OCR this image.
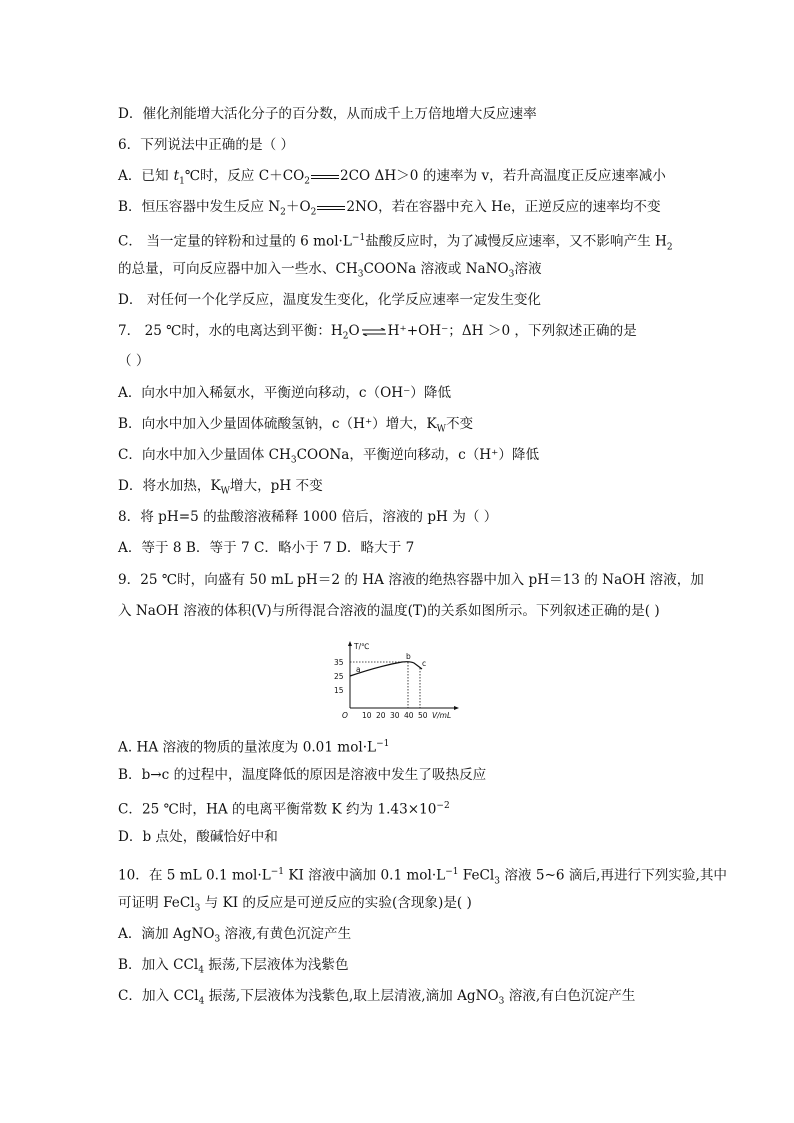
D．催化剂能增大活化分子的百分数，从而成千上万倍地增大反应速率
6．下列说法中正确的是（ ）
A．已知 $t_1℃$时，反应 $C+CO_2$ 2CO ΔH＞0 的速率为 v，若升高温度正反应速率减小
B．恒压容器中发生反应 $N_2+O_2$ 2NO，若在容器中充入 He，正逆反应的速率均不变
C． 当一定量的锌粉和过量的 6 $mol\cdot L^{-1}$盐酸反应时，为了减慢反应速率，又不影响产生 $H_2$
的总量，可向反应器中加入一些水、$CH_3COONa$ 溶液或 NaNO$_3$溶液
D． 对任何一个化学反应，温度发生变化，化学反应速率一定发生变化
7． 25 ℃时，水的电离达到平衡：$H_2O\rightleftharpoons H^++OH^-$；ΔH ＞0 ，下列叙述正确的是
（ ）
A．向水中加入稀氨水，平衡逆向移动，c（OH⁻）降低
B．向水中加入少量固体硫酸氢钠，c（H⁺）增大，$K_W$不变
C．向水中加入少量固体 $CH_3COONa$，平衡逆向移动，c（H⁺）降低
D．将水加热，$K_W$增大，pH 不变
8．将 pH=5 的盐酸溶液稀释 1000 倍后，溶液的 pH 为（ ）
A．等于 8 B．等于 7 C．略小于 7 D．略大于 7
9．25 ℃时，向盛有 50 mL pH＝2 的 HA 溶液的绝热容器中加入 pH＝13 的 NaOH 溶液，加
入 NaOH 溶液的体积(V)与所得混合溶液的温度(T)的关系如图所示。下列叙述正确的是( )
T/℃
O
35
25
15
10 20 30 40 50 V/mL
a
b
c
A. HA 溶液的物质的量浓度为 0.01 $mol\cdot L^{-1}$
B．b→c 的过程中，温度降低的原因是溶液中发生了吸热反应
C．25 ℃时，HA 的电离平衡常数 K 约为 $1.43\times 10^{-2}$
D．b 点处，酸碱恰好中和
10．在 5 mL 0.1 $mol\cdot L^{-1}$ KI 溶液中滴加 0.1 $mol\cdot L^{-1}$ FeCl$_3$ 溶液 5~6 滴后,再进行下列实验,其中
可证明 FeCl$_3$ 与 KI 的反应是可逆反应的实验(含现象)是( )
A．滴加 AgNO$_3$ 溶液,有黄色沉淀产生
B．加入 CCl$_4$ 振荡,下层液体为浅紫色
C．加入 CCl$_4$ 振荡,下层液体为浅紫色,取上层清液,滴加 AgNO$_3$ 溶液,有白色沉淀产生
